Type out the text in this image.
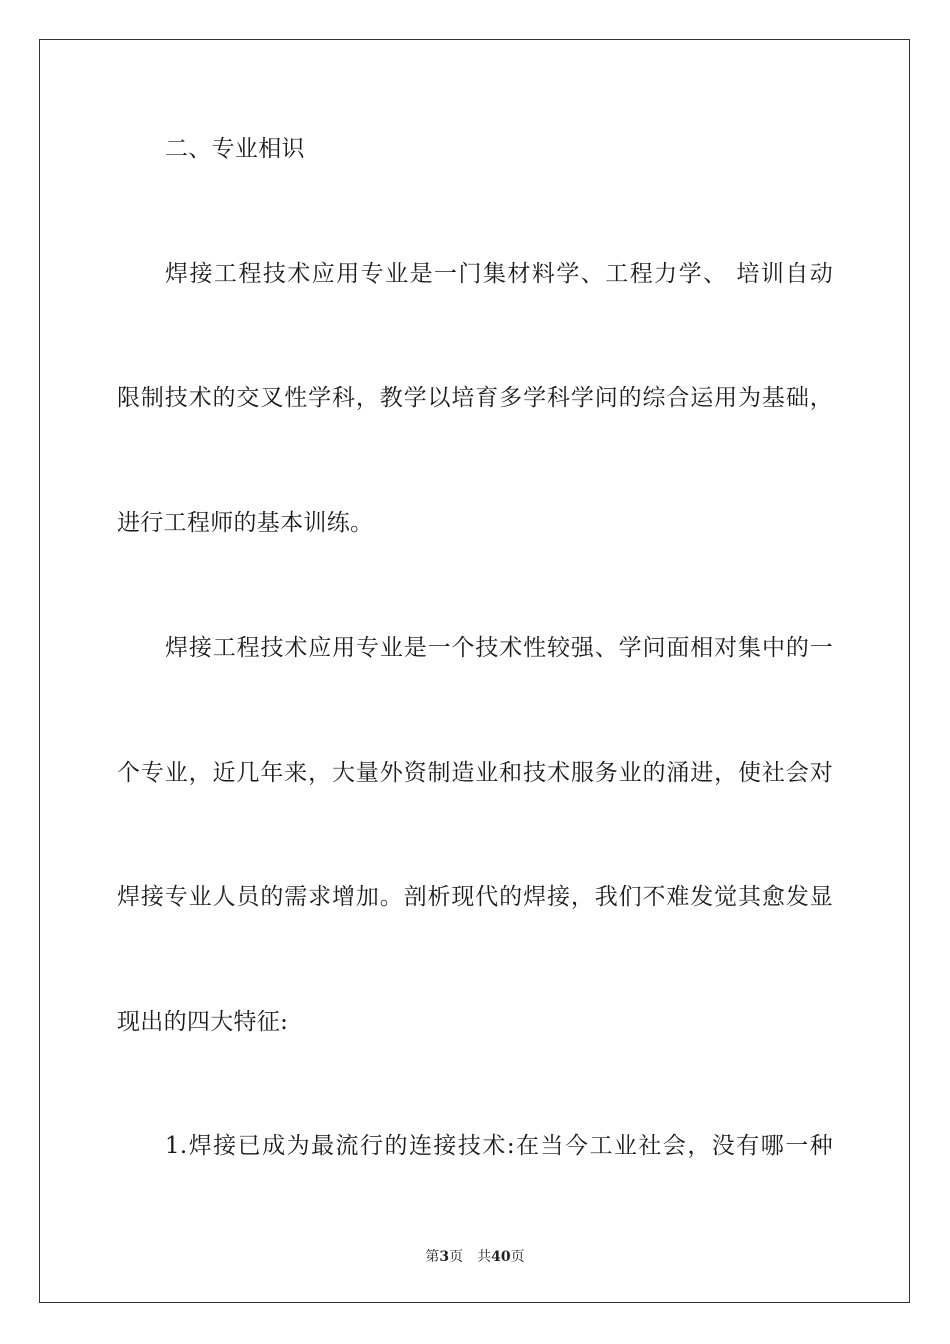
二、专业相识
焊接工程技术应用专业是一门集材料学、工程力学、 培训自动
限制技术的交叉性学科，教学以培育多学科学问的综合运用为基础，
进行工程师的基本训练。
焊接工程技术应用专业是一个技术性较强、学问面相对集中的一
个专业，近几年来，大量外资制造业和技术服务业的涌进，使社会对
焊接专业人员的需求增加。剖析现代的焊接，我们不难发觉其愈发显
现出的四大特征:
1.焊接已成为最流行的连接技术:在当今工业社会，没有哪一种
第3页 共40页
